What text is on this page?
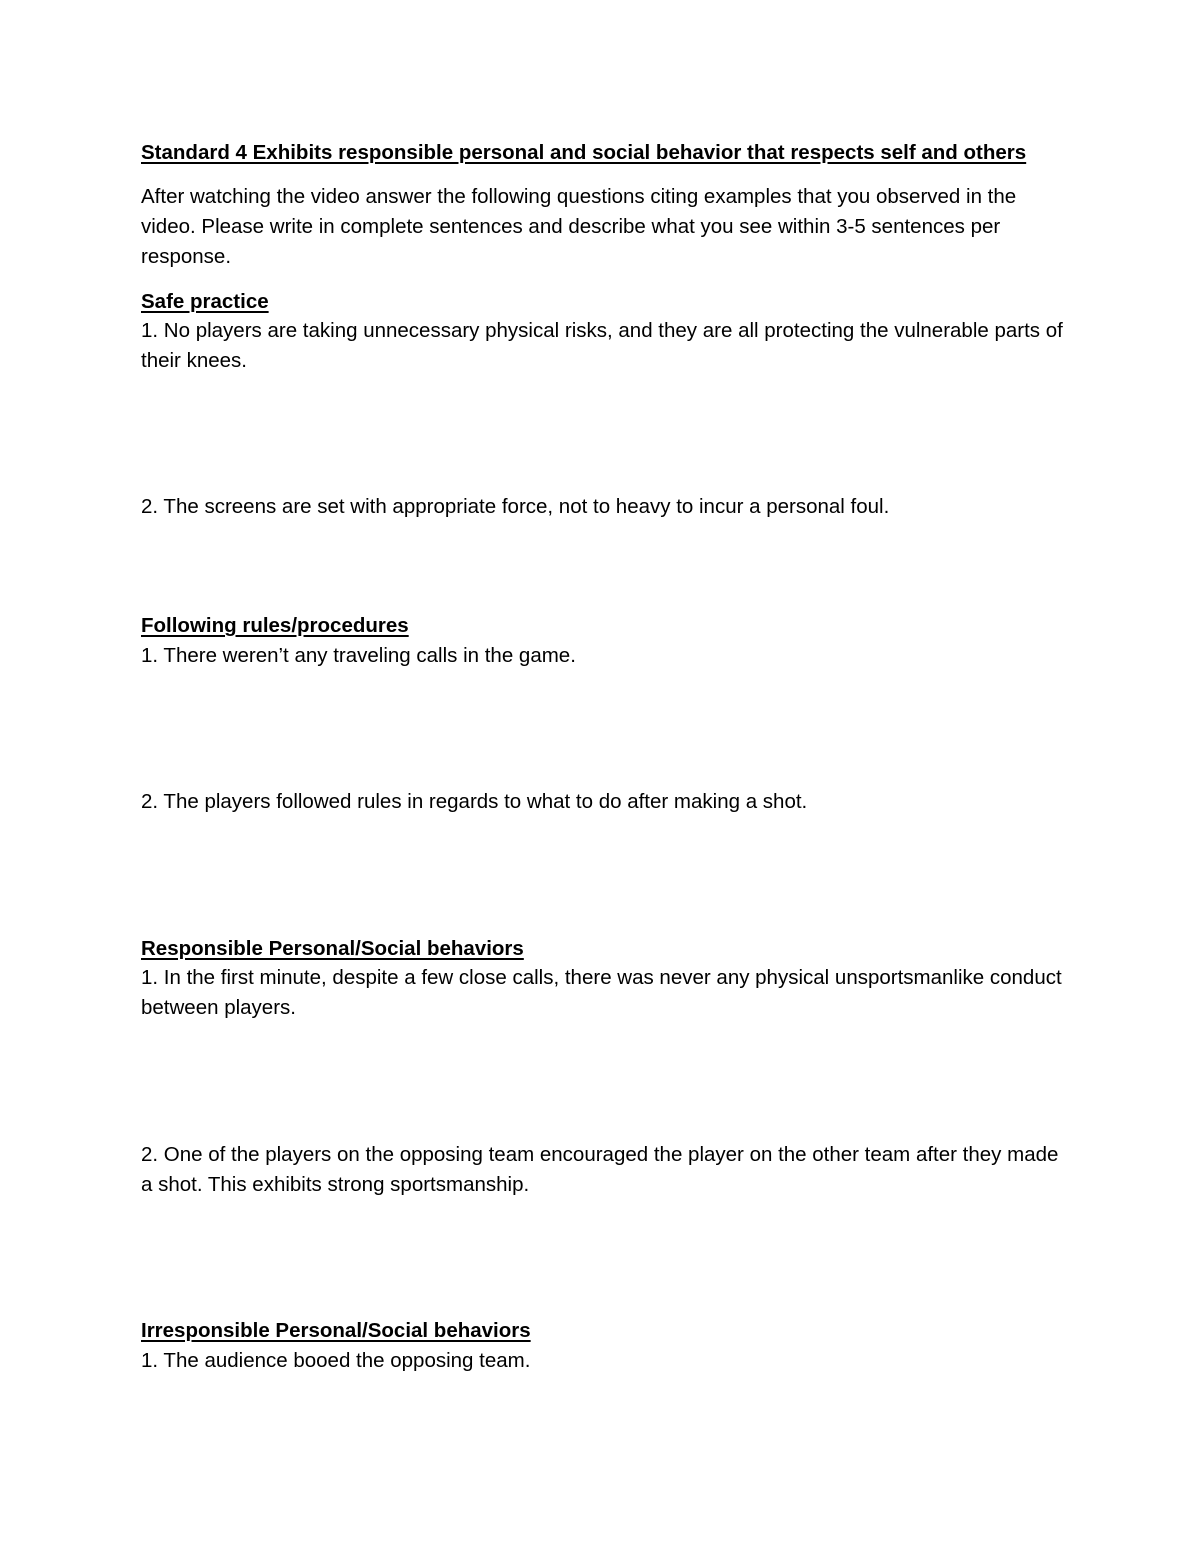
Standard 4 Exhibits responsible personal and social behavior that respects self and others

After watching the video answer the following questions citing examples that you observed in the video. Please write in complete sentences and describe what you see within 3-5 sentences per response.

Safe practice

1. No players are taking unnecessary physical risks, and they are all protecting the vulnerable parts of their knees.

2. The screens are set with appropriate force, not to heavy to incur a personal foul.

Following rules/procedures

1. There weren’t any traveling calls in the game.

2. The players followed rules in regards to what to do after making a shot.

Responsible Personal/Social behaviors

1. In the first minute, despite a few close calls, there was never any physical unsportsmanlike conduct between players.

2. One of the players on the opposing team encouraged the player on the other team after they made a shot. This exhibits strong sportsmanship.

Irresponsible Personal/Social behaviors

1. The audience booed the opposing team.
